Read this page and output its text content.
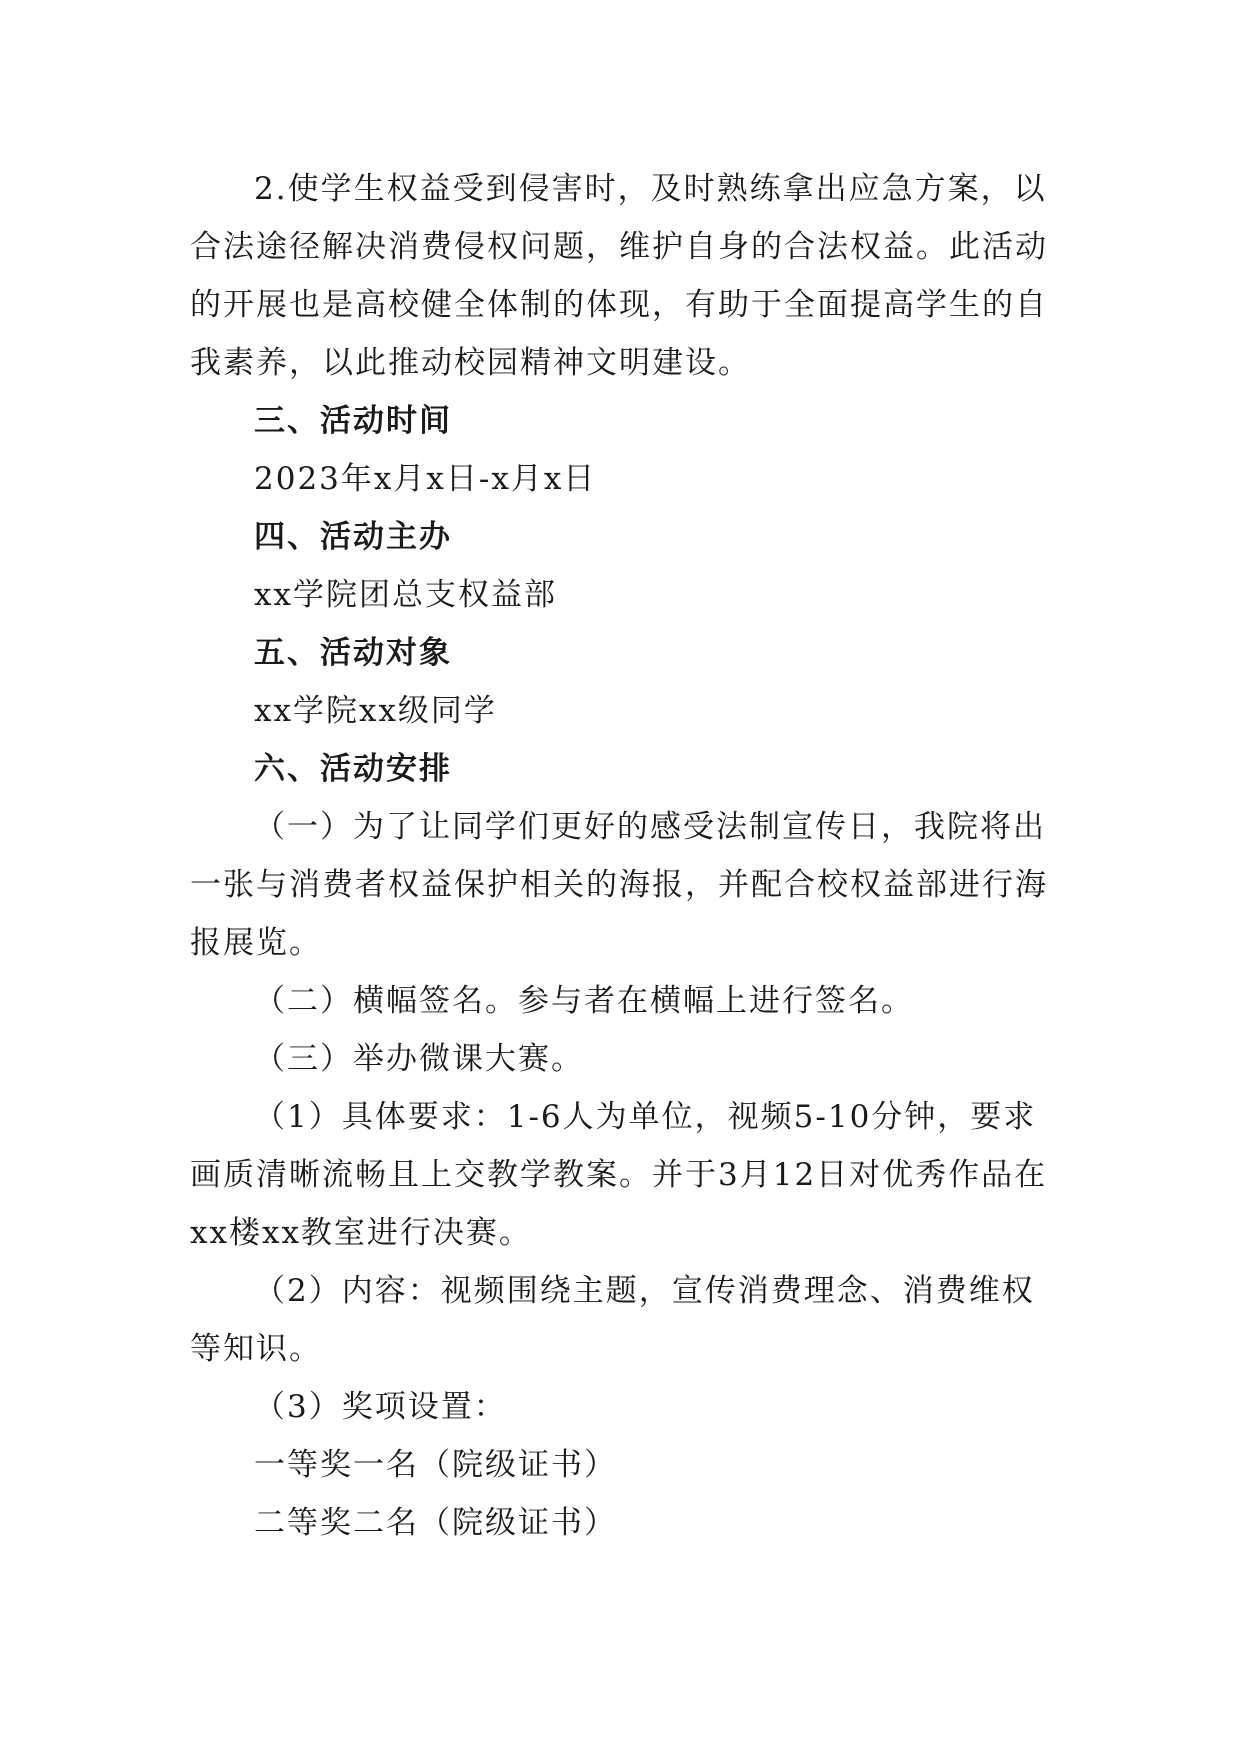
2.使学生权益受到侵害时，及时熟练拿出应急方案，以合法途径解决消费侵权问题，维护自身的合法权益。此活动的开展也是高校健全体制的体现，有助于全面提高学生的自我素养，以此推动校园精神文明建设。

三、活动时间

2023年x月x日-x月x日

四、活动主办

xx学院团总支权益部

五、活动对象

xx学院xx级同学

六、活动安排

（一）为了让同学们更好的感受法制宣传日，我院将出一张与消费者权益保护相关的海报，并配合校权益部进行海报展览。

（二）横幅签名。参与者在横幅上进行签名。

（三）举办微课大赛。

（1）具体要求：1-6人为单位，视频5-10分钟，要求画质清晰流畅且上交教学教案。并于3月12日对优秀作品在xx楼xx教室进行决赛。

（2）内容：视频围绕主题，宣传消费理念、消费维权等知识。

（3）奖项设置：

一等奖一名（院级证书）

二等奖二名（院级证书）
